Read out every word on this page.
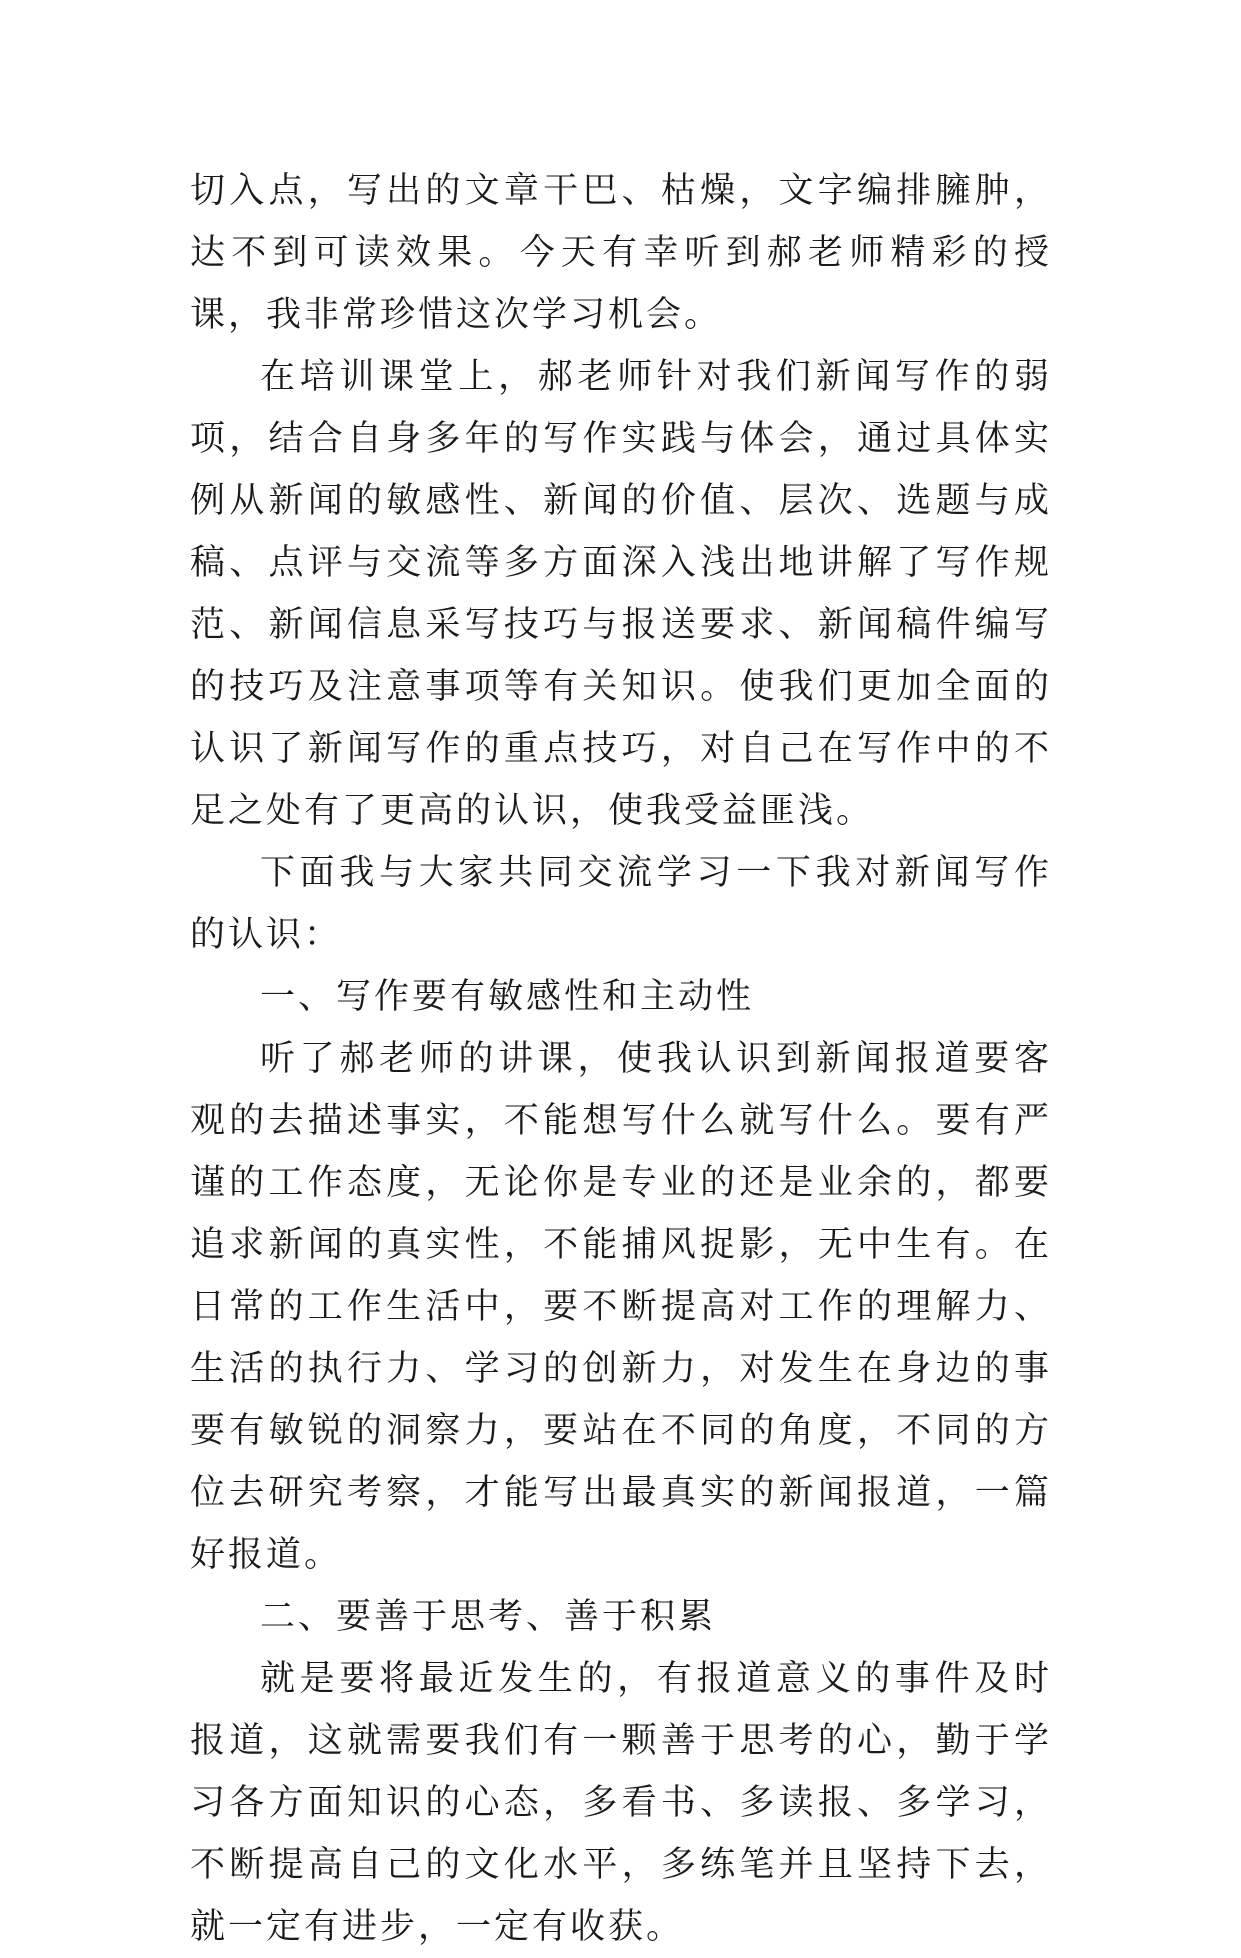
切入点，写出的文章干巴、枯燥，文字编排臃肿，达不到可读效果。今天有幸听到郝老师精彩的授课，我非常珍惜这次学习机会。

在培训课堂上，郝老师针对我们新闻写作的弱项，结合自身多年的写作实践与体会，通过具体实例从新闻的敏感性、新闻的价值、层次、选题与成稿、点评与交流等多方面深入浅出地讲解了写作规范、新闻信息采写技巧与报送要求、新闻稿件编写的技巧及注意事项等有关知识。使我们更加全面的认识了新闻写作的重点技巧，对自己在写作中的不足之处有了更高的认识，使我受益匪浅。

下面我与大家共同交流学习一下我对新闻写作的认识：

一、写作要有敏感性和主动性

听了郝老师的讲课，使我认识到新闻报道要客观的去描述事实，不能想写什么就写什么。要有严谨的工作态度，无论你是专业的还是业余的，都要追求新闻的真实性，不能捕风捉影，无中生有。在日常的工作生活中，要不断提高对工作的理解力、生活的执行力、学习的创新力，对发生在身边的事要有敏锐的洞察力，要站在不同的角度，不同的方位去研究考察，才能写出最真实的新闻报道，一篇好报道。

二、要善于思考、善于积累

就是要将最近发生的，有报道意义的事件及时报道，这就需要我们有一颗善于思考的心，勤于学习各方面知识的心态，多看书、多读报、多学习，不断提高自己的文化水平，多练笔并且坚持下去，就一定有进步，一定有收获。
